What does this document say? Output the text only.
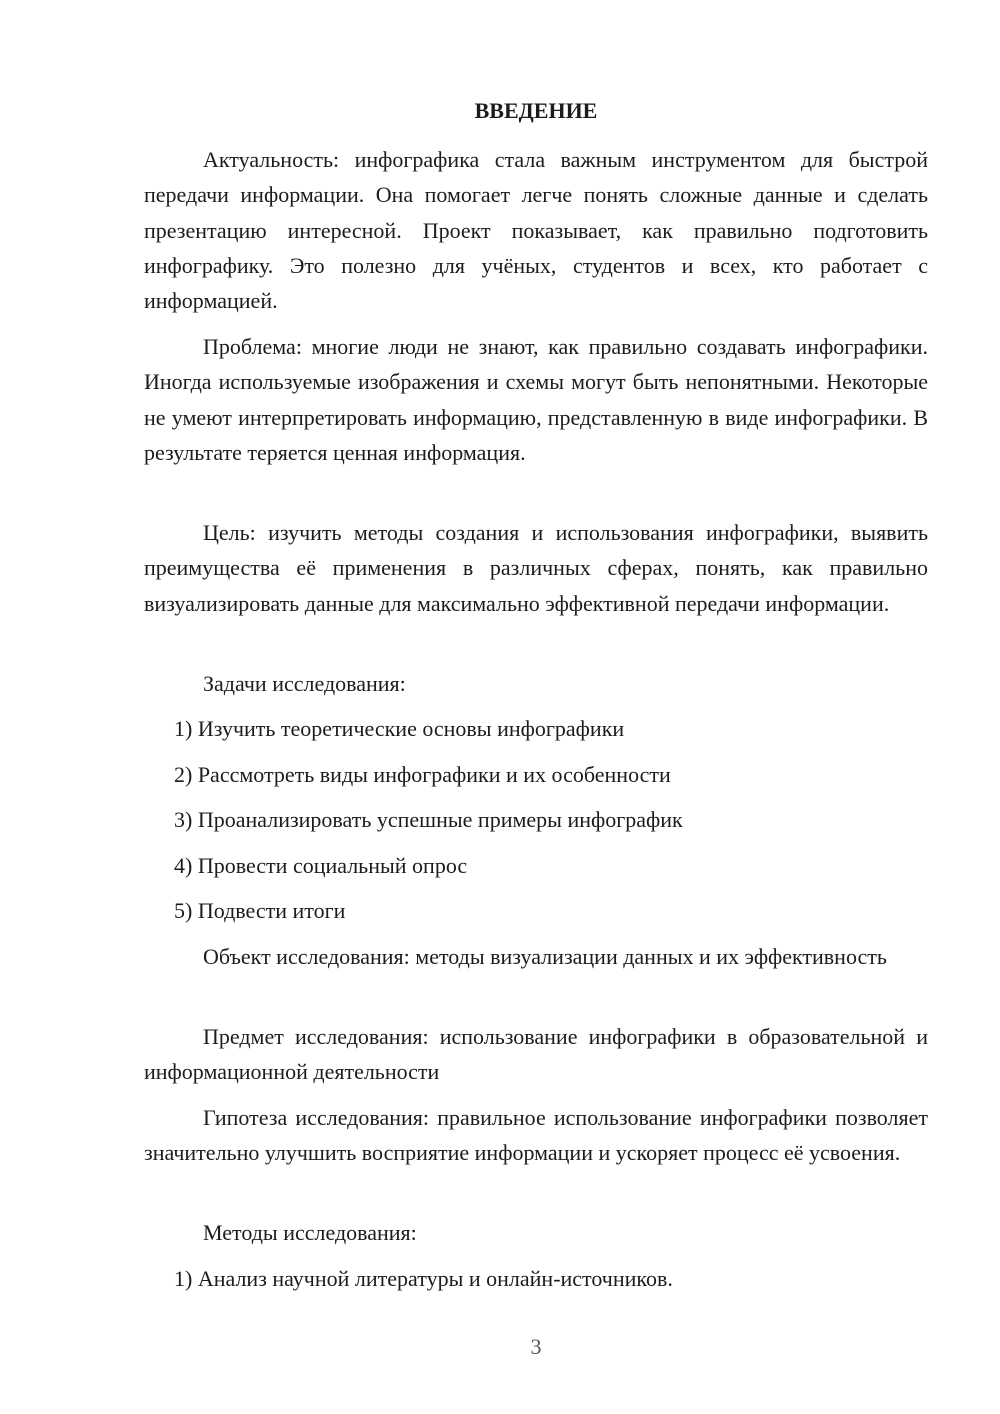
ВВЕДЕНИЕ

Актуальность: инфографика стала важным инструментом для быстрой передачи информации. Она помогает легче понять сложные данные и сделать презентацию интересной. Проект показывает, как правильно подготовить инфографику. Это полезно для учёных, студентов и всех, кто работает с информацией.

Проблема: многие люди не знают, как правильно создавать инфографики. Иногда используемые изображения и схемы могут быть непонятными. Некоторые не умеют интерпретировать информацию, представленную в виде инфографики. В результате теряется ценная информация.

Цель: изучить методы создания и использования инфографики, выявить преимущества её применения в различных сферах, понять, как правильно визуализировать данные для максимально эффективной передачи информации.

Задачи исследования:

1) Изучить теоретические основы инфографики

2) Рассмотреть виды инфографики и их особенности

3) Проанализировать успешные примеры инфографик

4) Провести социальный опрос

5) Подвести итоги

Объект исследования: методы визуализации данных и их эффективность

Предмет исследования: использование инфографики в образовательной и информационной деятельности

Гипотеза исследования: правильное использование инфографики позволяет значительно улучшить восприятие информации и ускоряет процесс её усвоения.

Методы исследования:

1) Анализ научной литературы и онлайн-источников.

3
